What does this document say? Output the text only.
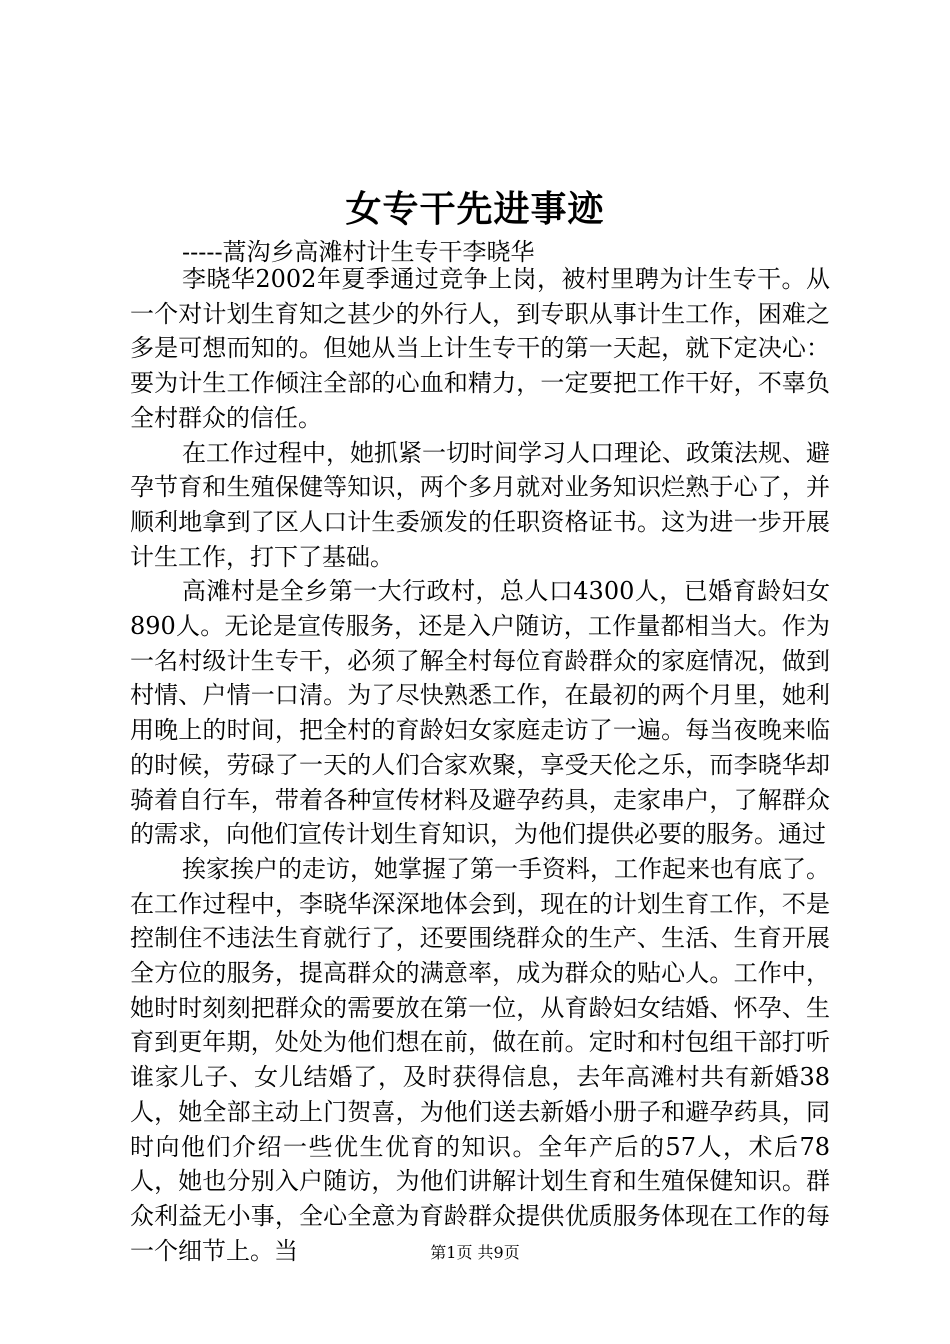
女专干先进事迹
-----蒿沟乡高滩村计生专干李晓华

李晓华2002年夏季通过竞争上岗，被村里聘为计生专干。从一个对计划生育知之甚少的外行人，到专职从事计生工作，困难之多是可想而知的。但她从当上计生专干的第一天起，就下定决心：要为计生工作倾注全部的心血和精力，一定要把工作干好，不辜负全村群众的信任。

在工作过程中，她抓紧一切时间学习人口理论、政策法规、避孕节育和生殖保健等知识，两个多月就对业务知识烂熟于心了，并顺利地拿到了区人口计生委颁发的任职资格证书。这为进一步开展计生工作，打下了基础。

高滩村是全乡第一大行政村，总人口4300人，已婚育龄妇女890人。无论是宣传服务，还是入户随访，工作量都相当大。作为一名村级计生专干，必须了解全村每位育龄群众的家庭情况，做到村情、户情一口清。为了尽快熟悉工作，在最初的两个月里，她利用晚上的时间，把全村的育龄妇女家庭走访了一遍。每当夜晚来临的时候，劳碌了一天的人们合家欢聚，享受天伦之乐，而李晓华却骑着自行车，带着各种宣传材料及避孕药具，走家串户，了解群众的需求，向他们宣传计划生育知识，为他们提供必要的服务。通过

挨家挨户的走访，她掌握了第一手资料，工作起来也有底了。在工作过程中，李晓华深深地体会到，现在的计划生育工作，不是控制住不违法生育就行了，还要围绕群众的生产、生活、生育开展全方位的服务，提高群众的满意率，成为群众的贴心人。工作中，她时时刻刻把群众的需要放在第一位，从育龄妇女结婚、怀孕、生育到更年期，处处为他们想在前，做在前。定时和村包组干部打听谁家儿子、女儿结婚了，及时获得信息，去年高滩村共有新婚38人，她全部主动上门贺喜，为他们送去新婚小册子和避孕药具，同时向他们介绍一些优生优育的知识。全年产后的57人，术后78人，她也分别入户随访，为他们讲解计划生育和生殖保健知识。群众利益无小事，全心全意为育龄群众提供优质服务体现在工作的每一个细节上。当	第1页 共9页
